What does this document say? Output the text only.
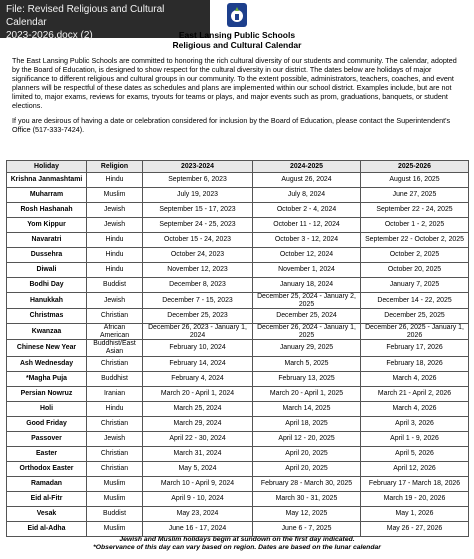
File: Revised Religious and Cultural Calendar
2023-2026.docx (2)	East Lansing Public Schools
Religious and Cultural Calendar

The East Lansing Public Schools are committed to honoring the rich cultural diversity of our students and community. The calendar, adopted by the Board of Education, is designed to show respect for the cultural diversity in our district. The dates below are holidays of major significance to different religious and cultural groups in our community. To the extent possible, administrators, teachers, coaches, and event planners will be respectful of these dates as schedules and plans are implemented within our school district. Examples include, but are not limited to, major exams, reviews for exams, tryouts for teams or plays, and major events such as prom, graduations, banquets, or student elections.

If you are desirous of having a date or celebration considered for inclusion by the Board of Education, please contact the Superintendent's Office (517-333-7424).

Holiday	Religion	2023-2024	2024-2025	2025-2026
Krishna Janmashtami	Hindu	September 6, 2023	August 26, 2024	August 16, 2025
Muharram	Muslim	July 19, 2023	July 8, 2024	June 27, 2025
Rosh Hashanah	Jewish	September 15 - 17, 2023	October 2 - 4, 2024	September 22 - 24, 2025
Yom Kippur	Jewish	September 24 - 25, 2023	October 11 - 12, 2024	October 1 - 2, 2025
Navaratri	Hindu	October 15 - 24, 2023	October 3 - 12, 2024	September 22 - October 2, 2025
Dussehra	Hindu	October 24, 2023	October 12, 2024	October 2, 2025
Diwali	Hindu	November 12, 2023	November 1, 2024	October 20, 2025
Bodhi Day	Buddist	December 8, 2023	January 18, 2024	January 7, 2025
Hanukkah	Jewish	December 7 - 15, 2023	December 25, 2024 - January 2, 2025	December 14 - 22, 2025
Christmas	Christian	December 25, 2023	December 25, 2024	December 25, 2025
Kwanzaa	African American	December 26, 2023 - January 1, 2024	December 26, 2024 - January 1, 2025	December 26, 2025 - January 1, 2026
Chinese New Year	Buddhist/East Asian	February 10, 2024	January 29, 2025	February 17, 2026
Ash Wednesday	Christian	February 14, 2024	March 5, 2025	February 18, 2026
*Magha Puja	Buddhist	February 4, 2024	February 13, 2025	March 4, 2026
Persian Nowruz	Iranian	March 20 - April 1, 2024	March 20 - April 1, 2025	March 21 - April 2, 2026
Holi	Hindu	March 25, 2024	March 14, 2025	March 4, 2026
Good Friday	Christian	March 29, 2024	April 18, 2025	April 3, 2026
Passover	Jewish	April 22 - 30, 2024	April 12 - 20, 2025	April 1 - 9, 2026
Easter	Christian	March 31, 2024	April 20, 2025	April 5, 2026
Orthodox Easter	Christian	May 5, 2024	April 20, 2025	April 12, 2026
Ramadan	Muslim	March 10 - April 9, 2024	February 28 - March 30, 2025	February 17 - March 18, 2026
Eid al-Fitr	Muslim	April 9 - 10, 2024	March 30 - 31, 2025	March 19 - 20, 2026
Vesak	Buddist	May 23, 2024	May 12, 2025	May 1, 2026
Eid al-Adha	Muslim	June 16 - 17, 2024	June 6 - 7, 2025	May 26 - 27, 2026
Jewish and Muslim holidays begin at sundown on the first day indicated.
*Observance of this day can vary based on region. Dates are based on the lunar calendar
